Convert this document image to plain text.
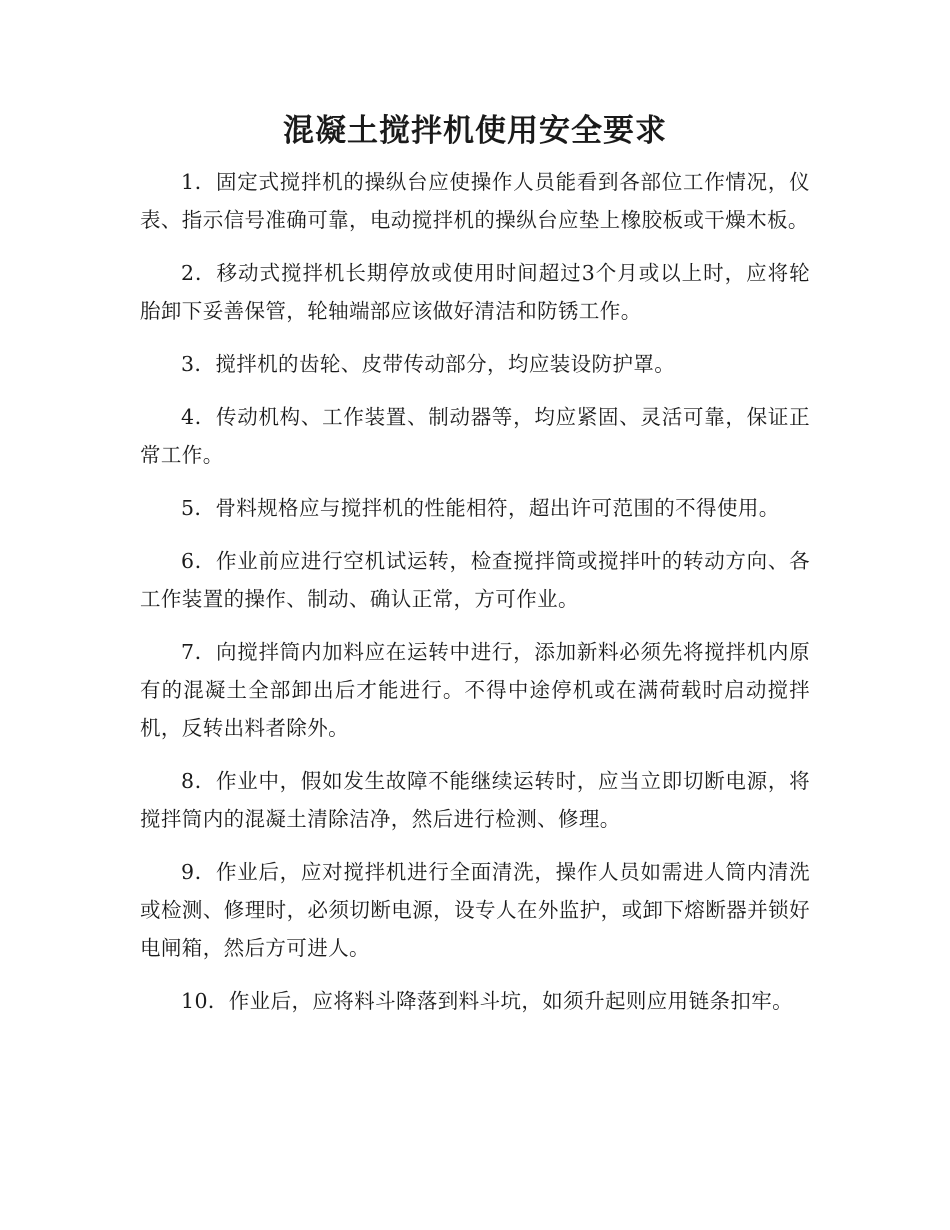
混凝土搅拌机使用安全要求

1．固定式搅拌机的操纵台应使操作人员能看到各部位工作情况，仪表、指示信号准确可靠，电动搅拌机的操纵台应垫上橡胶板或干燥木板。

2．移动式搅拌机长期停放或使用时间超过3个月或以上时，应将轮胎卸下妥善保管，轮轴端部应该做好清洁和防锈工作。

3．搅拌机的齿轮、皮带传动部分，均应装设防护罩。

4．传动机构、工作装置、制动器等，均应紧固、灵活可靠，保证正常工作。

5．骨料规格应与搅拌机的性能相符，超出许可范围的不得使用。

6．作业前应进行空机试运转，检查搅拌筒或搅拌叶的转动方向、各工作装置的操作、制动、确认正常，方可作业。

7．向搅拌筒内加料应在运转中进行，添加新料必须先将搅拌机内原有的混凝土全部卸出后才能进行。不得中途停机或在满荷载时启动搅拌机，反转出料者除外。

8．作业中，假如发生故障不能继续运转时，应当立即切断电源，将搅拌筒内的混凝土清除洁净，然后进行检测、修理。

9．作业后，应对搅拌机进行全面清洗，操作人员如需进人筒内清洗或检测、修理时，必须切断电源，设专人在外监护，或卸下熔断器并锁好电闸箱，然后方可进人。

10．作业后，应将料斗降落到料斗坑，如须升起则应用链条扣牢。
